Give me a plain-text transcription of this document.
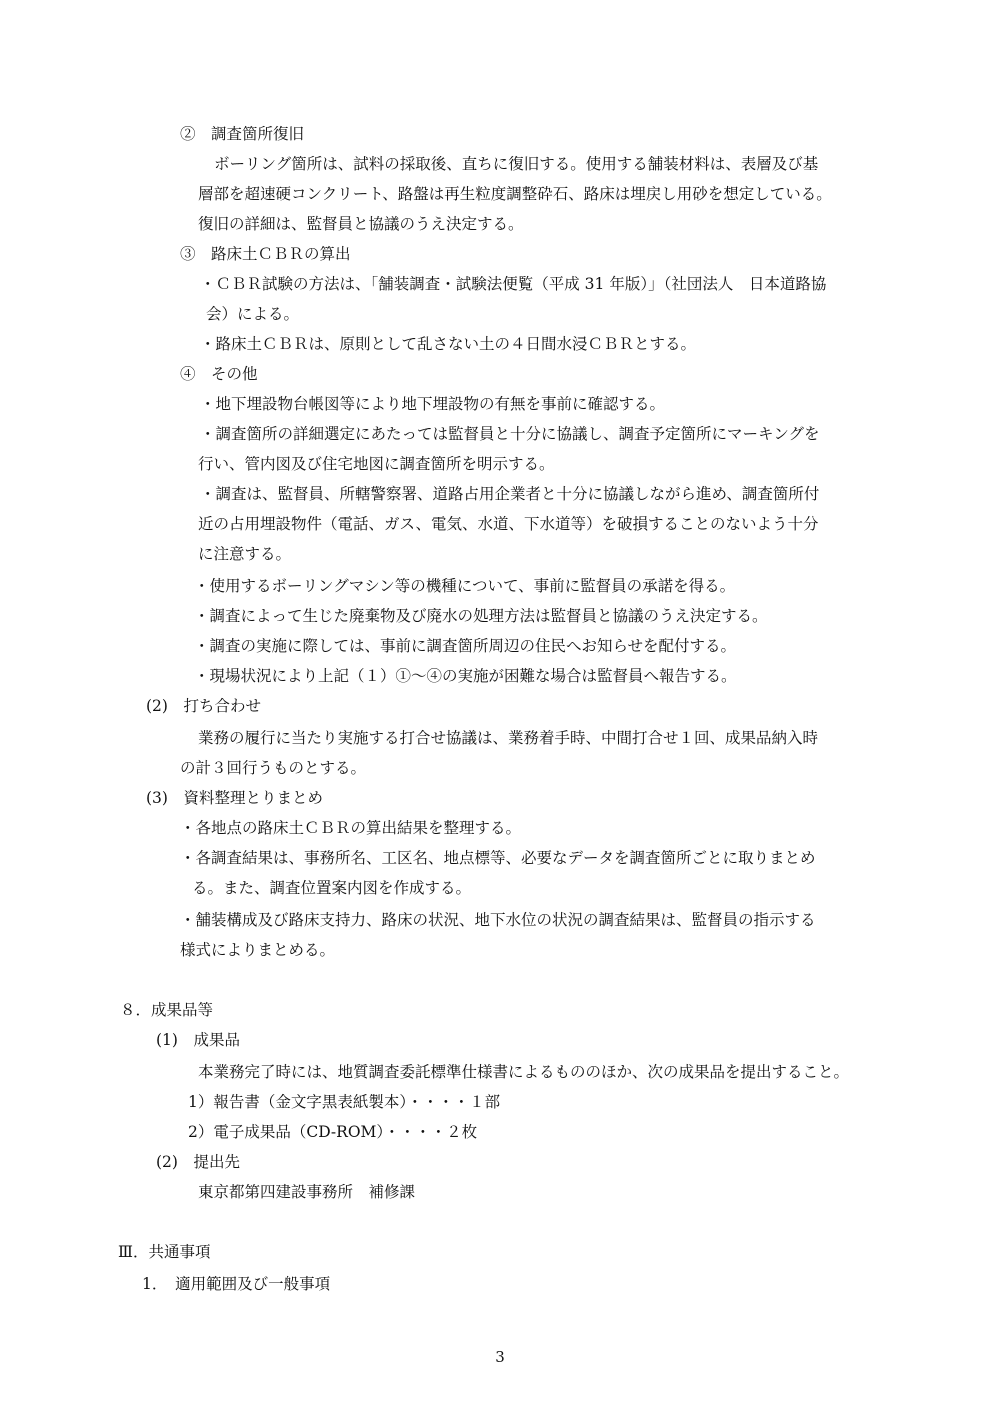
②　調査箇所復旧
ボーリング箇所は、試料の採取後、直ちに復旧する。使用する舗装材料は、表層及び基
層部を超速硬コンクリート、路盤は再生粒度調整砕石、路床は埋戻し用砂を想定している。
復旧の詳細は、監督員と協議のうえ決定する。
③　路床土ＣＢＲの算出
・ＣＢＲ試験の方法は、「舗装調査・試験法便覧（平成 31 年版）」（社団法人　日本道路協
会）による。
・路床土ＣＢＲは、原則として乱さない土の４日間水浸ＣＢＲとする。
④　その他
・地下埋設物台帳図等により地下埋設物の有無を事前に確認する。
・調査箇所の詳細選定にあたっては監督員と十分に協議し、調査予定箇所にマーキングを
行い、管内図及び住宅地図に調査箇所を明示する。
・調査は、監督員、所轄警察署、道路占用企業者と十分に協議しながら進め、調査箇所付
近の占用埋設物件（電話、ガス、電気、水道、下水道等）を破損することのないよう十分
に注意する。
・使用するボーリングマシン等の機種について、事前に監督員の承諾を得る。
・調査によって生じた廃棄物及び廃水の処理方法は監督員と協議のうえ決定する。
・調査の実施に際しては、事前に調査箇所周辺の住民へお知らせを配付する。
・現場状況により上記（１）①～④の実施が困難な場合は監督員へ報告する。
(2)　打ち合わせ
業務の履行に当たり実施する打合せ協議は、業務着手時、中間打合せ１回、成果品納入時
の計３回行うものとする。
(3)　資料整理とりまとめ
・各地点の路床土ＣＢＲの算出結果を整理する。
・各調査結果は、事務所名、工区名、地点標等、必要なデータを調査箇所ごとに取りまとめ
る。また、調査位置案内図を作成する。
・舗装構成及び路床支持力、路床の状況、地下水位の状況の調査結果は、監督員の指示する
様式によりまとめる。
８．成果品等
(1)　成果品
本業務完了時には、地質調査委託標準仕様書によるもののほか、次の成果品を提出すること。
1）報告書（金文字黒表紙製本）・・・・１部
2）電子成果品（CD-ROM）・・・・２枚
(2)　提出先
東京都第四建設事務所　補修課
Ⅲ．共通事項
1．　適用範囲及び一般事項
3
